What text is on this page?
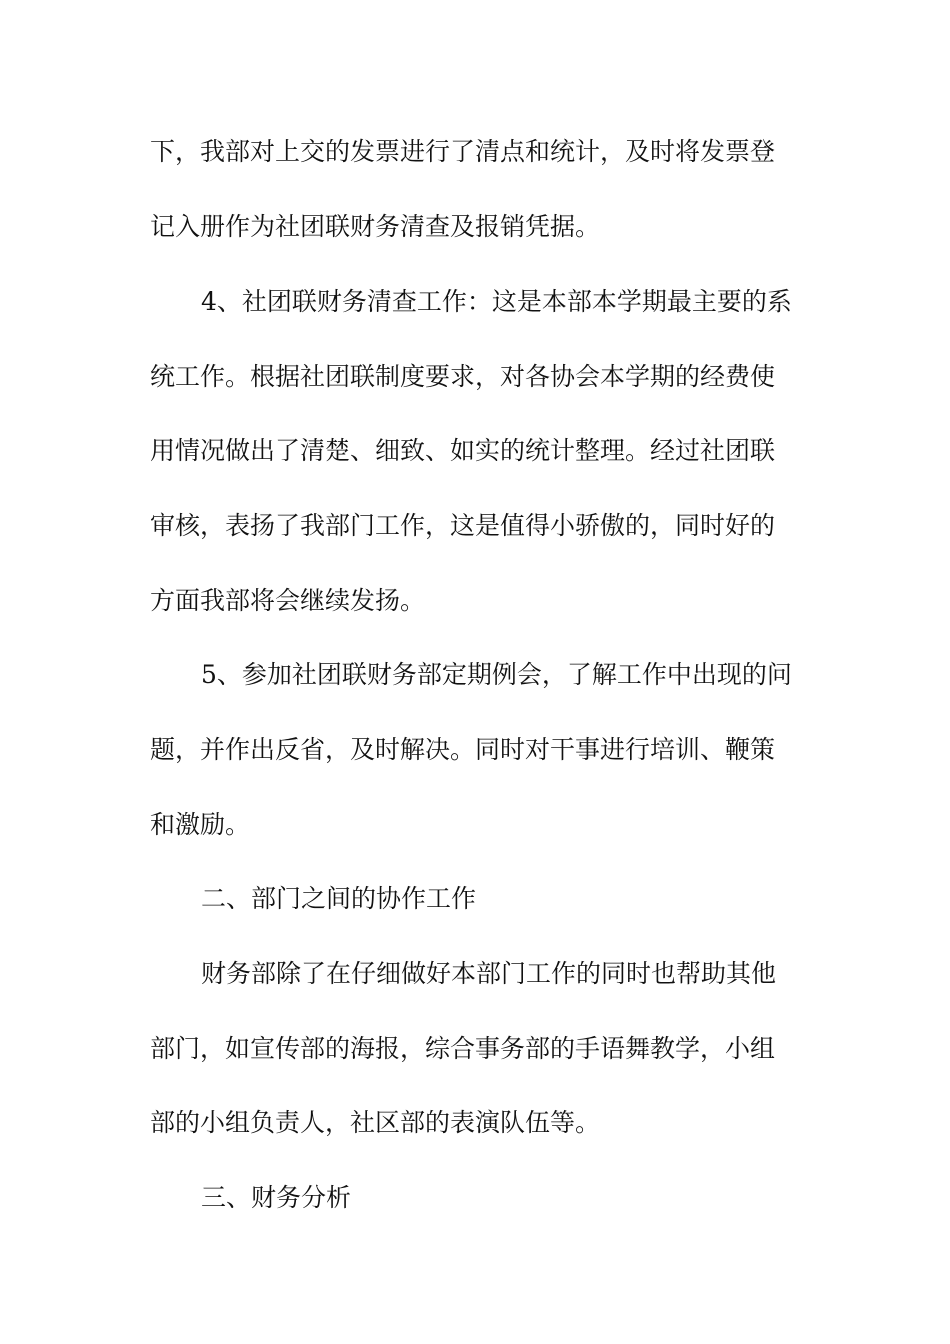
下，我部对上交的发票进行了清点和统计，及时将发票登
记入册作为社团联财务清查及报销凭据。
4、社团联财务清查工作：这是本部本学期最主要的系
统工作。根据社团联制度要求，对各协会本学期的经费使
用情况做出了清楚、细致、如实的统计整理。经过社团联
审核，表扬了我部门工作，这是值得小骄傲的，同时好的
方面我部将会继续发扬。
5、参加社团联财务部定期例会，了解工作中出现的问
题，并作出反省，及时解决。同时对干事进行培训、鞭策
和激励。
二、部门之间的协作工作
财务部除了在仔细做好本部门工作的同时也帮助其他
部门，如宣传部的海报，综合事务部的手语舞教学，小组
部的小组负责人，社区部的表演队伍等。
三、财务分析
